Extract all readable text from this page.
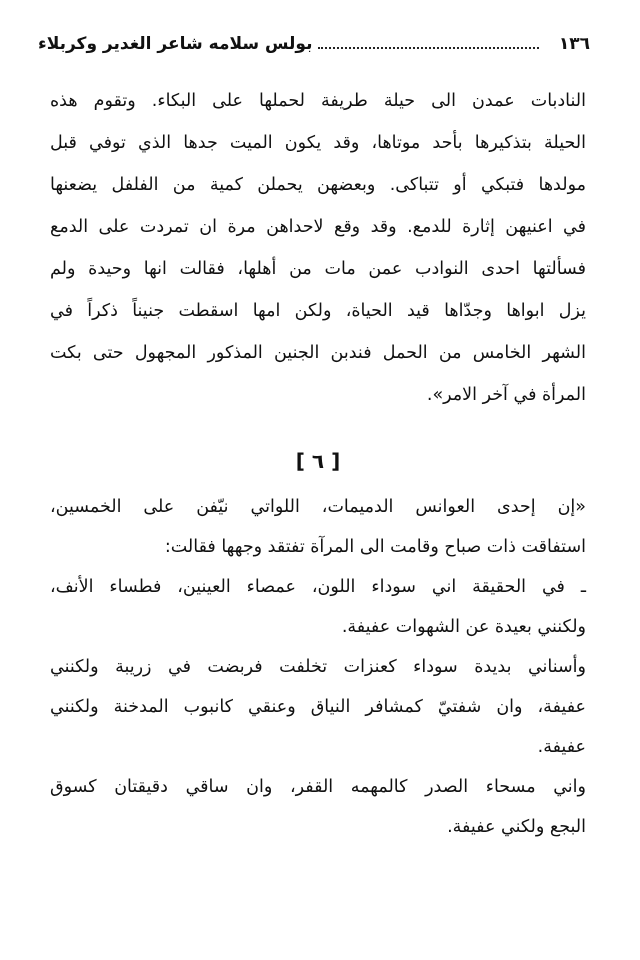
١٣٦
بولس سلامه شاعر الغدير وكربلاء
النادبات عمدن الى حيلة طريفة لحملها على البكاء. وتقوم هذه
الحيلة بتذكيرها بأحد موتاها، وقد يكون الميت جدها الذي توفي قبل
مولدها فتبكي أو تتباكى. وبعضهن يحملن كمية من الفلفل يضعنها
في اعنيهن إثارة للدمع. وقد وقع لاحداهن مرة ان تمردت على الدمع
فسألتها احدى النوادب عمن مات من أهلها، فقالت انها وحيدة ولم
يزل ابواها وجدّاها قيد الحياة، ولكن امها اسقطت جنيناً ذكراً في
الشهر الخامس من الحمل فندبن الجنين المذكور المجهول حتى بكت
المرأة في آخر الامر».
[ ٦ ]
«إن إحدى العوانس الدميمات، اللواتي نيّفن على الخمسين،
استفاقت ذات صباح وقامت الى المرآة تفتقد وجهها فقالت:
ـ في الحقيقة اني سوداء اللون، عمصاء العينين، فطساء الأنف،
ولكنني بعيدة عن الشهوات عفيفة.
وأسناني بديدة سوداء كعنزات تخلفت فربضت في زريبة ولكنني
عفيفة، وان شفتيّ كمشافر النياق وعنقي كانبوب المدخنة ولكنني
عفيفة.
واني مسحاء الصدر كالمهمه القفر، وان ساقي دقيقتان كسوق
البجع ولكني عفيفة.
